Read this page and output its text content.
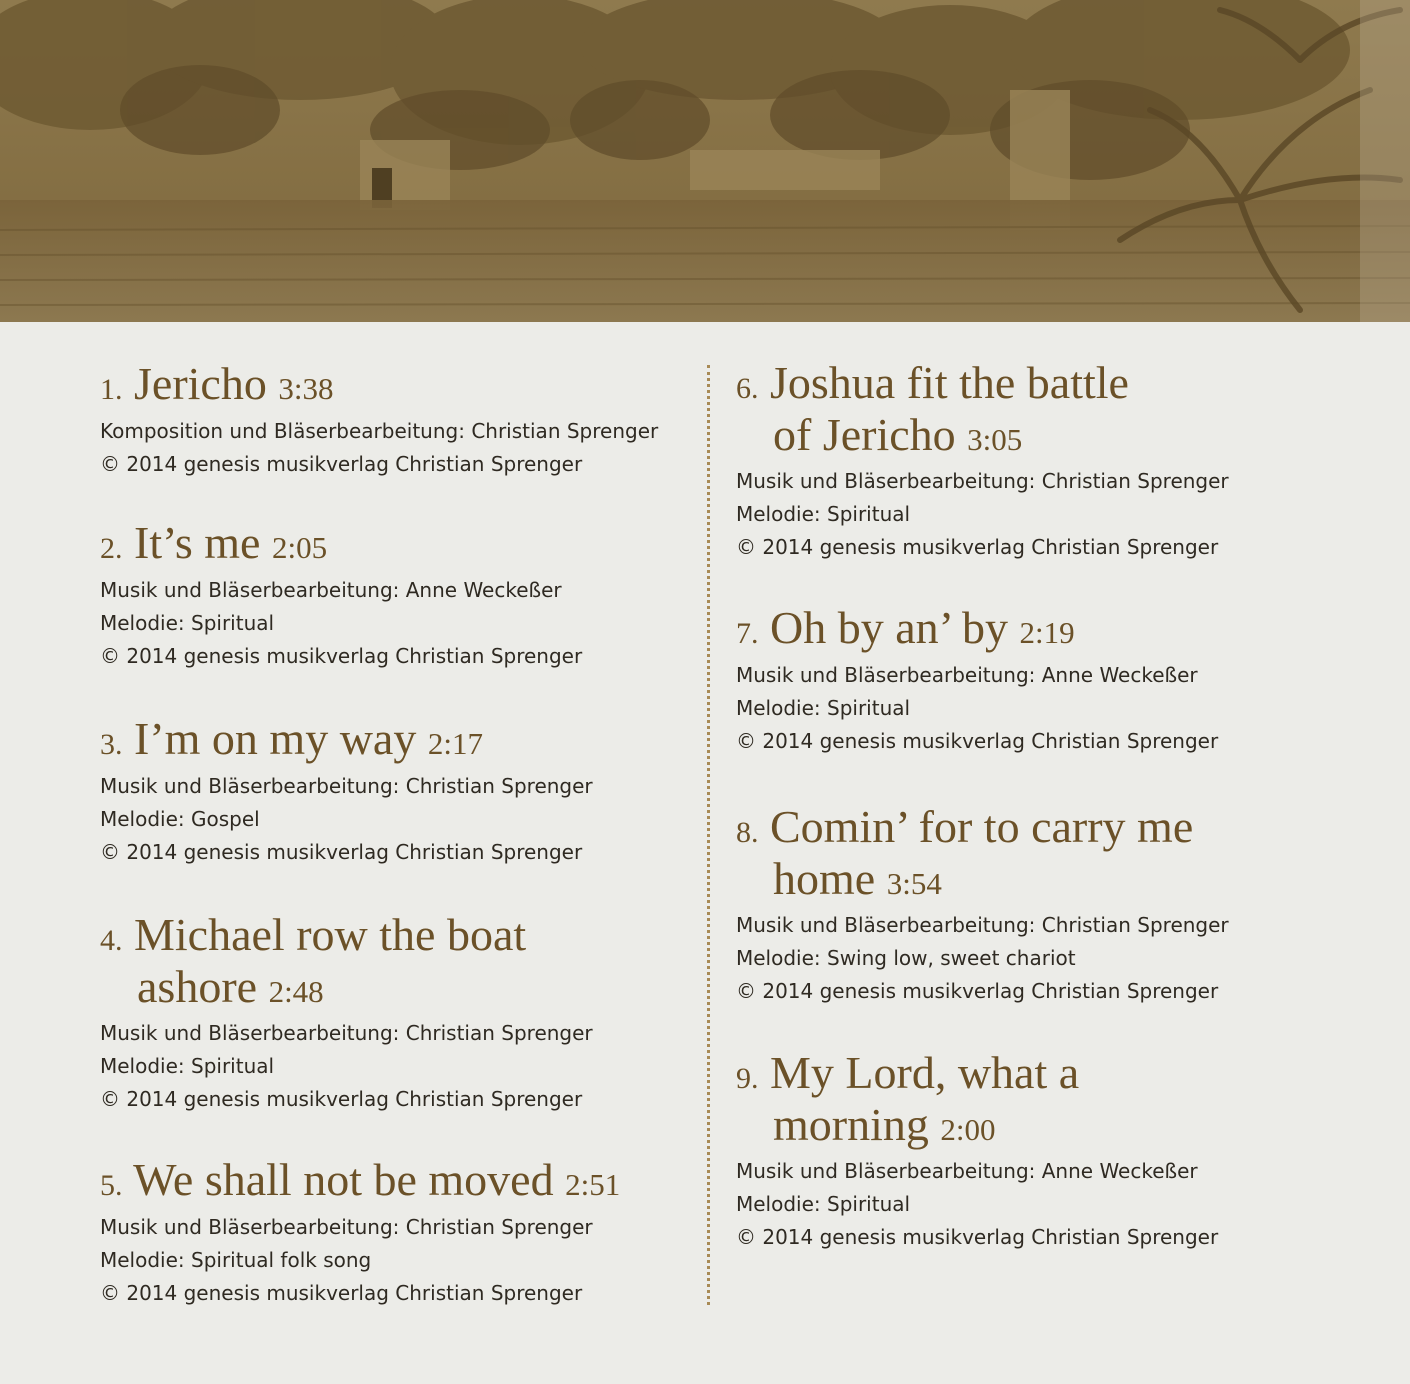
1. Jericho 3:38
Komposition und Bläserbearbeitung: Christian Sprenger
© 2014 genesis musikverlag Christian Sprenger
2. It’s me 2:05
Musik und Bläserbearbeitung: Anne Weckeßer
Melodie: Spiritual
© 2014 genesis musikverlag Christian Sprenger
3. I’m on my way 2:17
Musik und Bläserbearbeitung: Christian Sprenger
Melodie: Gospel
© 2014 genesis musikverlag Christian Sprenger
4. Michael row the boat
ashore 2:48
Musik und Bläserbearbeitung: Christian Sprenger
Melodie: Spiritual
© 2014 genesis musikverlag Christian Sprenger
5. We shall not be moved 2:51
Musik und Bläserbearbeitung: Christian Sprenger
Melodie: Spiritual folk song
© 2014 genesis musikverlag Christian Sprenger
6. Joshua fit the battle
of Jericho 3:05
Musik und Bläserbearbeitung: Christian Sprenger
Melodie: Spiritual
© 2014 genesis musikverlag Christian Sprenger
7. Oh by an’ by 2:19
Musik und Bläserbearbeitung: Anne Weckeßer
Melodie: Spiritual
© 2014 genesis musikverlag Christian Sprenger
8. Comin’ for to carry me
home 3:54
Musik und Bläserbearbeitung: Christian Sprenger
Melodie: Swing low, sweet chariot
© 2014 genesis musikverlag Christian Sprenger
9. My Lord, what a
morning 2:00
Musik und Bläserbearbeitung: Anne Weckeßer
Melodie: Spiritual
© 2014 genesis musikverlag Christian Sprenger
